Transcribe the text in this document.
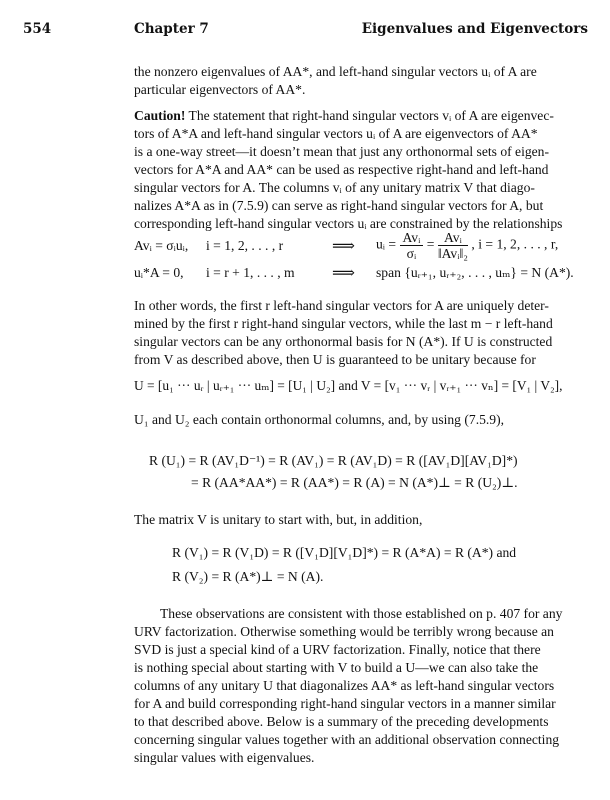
554	Chapter 7	Eigenvalues and Eigenvectors
the nonzero eigenvalues of AA*, and left-hand singular vectors uᵢ of A are
particular eigenvectors of AA*.
Caution! The statement that right-hand singular vectors vᵢ of A are eigenvec-
tors of A*A and left-hand singular vectors uᵢ of A are eigenvectors of AA*
is a one-way street—it doesn’t mean that just any orthonormal sets of eigen-
vectors for A*A and AA* can be used as respective right-hand and left-hand
singular vectors for A. The columns vᵢ of any unitary matrix V that diago-
nalizes A*A as in (7.5.9) can serve as right-hand singular vectors for A, but
corresponding left-hand singular vectors uᵢ are constrained by the relationships
Avᵢ = σᵢuᵢ, i = 1, 2, . . . , r	⟹ uᵢ = $\frac{\text{Avᵢ}}{\text{σᵢ}} = \frac{\text{Avᵢ}}{\text{‖Avᵢ‖₂}}$ , i = 1, 2, . . . , r,
uᵢ*A = 0, i = r + 1, . . . , m ⟹ span {uᵣ₊₁, uᵣ₊₂, . . . , uₘ} = N (A*).
In other words, the first r left-hand singular vectors for A are uniquely deter-
mined by the first r right-hand singular vectors, while the last m − r left-hand
singular vectors can be any orthonormal basis for N (A*). If U is constructed
from V as described above, then U is guaranteed to be unitary because for
U = [u₁ ··· uᵣ | uᵣ₊₁ ··· uₘ] = [U₁ | U₂] and V = [v₁ ··· vᵣ | vᵣ₊₁ ··· vₙ] = [V₁ | V₂],
U₁ and U₂ each contain orthonormal columns, and, by using (7.5.9),
R (U₁) = R (AV₁D⁻¹) = R (AV₁) = R (AV₁D) = R ([AV₁D][AV₁D]*)
= R (AA*AA*) = R (AA*) = R (A) = N (A*)⊥ = R (U₂)⊥.
The matrix V is unitary to start with, but, in addition,
R (V₁) = R (V₁D) = R ([V₁D][V₁D]*) = R (A*A) = R (A*) and
R (V₂) = R (A*)⊥ = N (A).
These observations are consistent with those established on p. 407 for any
URV factorization. Otherwise something would be terribly wrong because an
SVD is just a special kind of a URV factorization. Finally, notice that there
is nothing special about starting with V to build a U—we can also take the
columns of any unitary U that diagonalizes AA* as left-hand singular vectors
for A and build corresponding right-hand singular vectors in a manner similar
to that described above. Below is a summary of the preceding developments
concerning singular values together with an additional observation connecting
singular values with eigenvalues.
